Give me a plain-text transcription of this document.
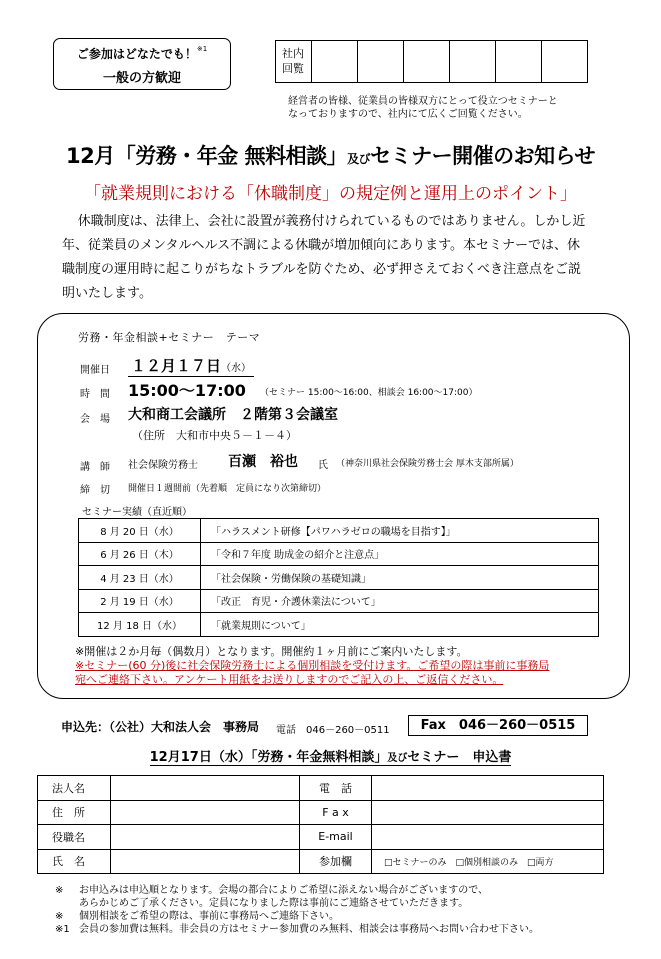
ご参加はどなたでも！$^{※1}$
一般の方歓迎
社内
回覧						
経営者の皆様、従業員の皆様双方にとって役立つセミナーと
なっておりますので、社内にて広くご回覧ください。
12月「労務・年金 無料相談」及びセミナー開催のお知らせ
「就業規則における「休職制度」の規定例と運用上のポイント」
休職制度は、法律上、会社に設置が義務付けられているものではありません。しかし近
年、従業員のメンタルヘルス不調による休職が増加傾向にあります。本セミナーでは、休
職制度の運用時に起こりがちなトラブルを防ぐため、必ず押さえておくべき注意点をご説
明いたします。
労務・年金相談+セミナー　テーマ
開催日 １２月１７日（水）
時　間 15:00～17:00 （セミナー 15:00～16:00、相談会 16:00～17:00）
会　場 大和商工会議所　２階第３会議室
（住所　大和市中央５－１－４）
講　師 社会保険労務士 百瀬　裕也 氏 （神奈川県社会保険労務士会 厚木支部所属）
締　切 開催日１週間前（先着順　定員になり次第締切）
セミナー実績（直近順）
8 月 20 日（水）	「ハラスメント研修【パワハラゼロの職場を目指す】」
6 月 26 日（木）	「令和７年度 助成金の紹介と注意点」
4 月 23 日（水）	「社会保険・労働保険の基礎知識」
2 月 19 日（水）	「改正　育児・介護休業法について」
12 月 18 日（水）	「就業規則について」
※開催は２か月毎（偶数月）となります。開催約１ヶ月前にご案内いたします。
※セミナー(60 分)後に社会保険労務士による個別相談を受付けます。ご希望の際は事前に事務局
宛へご連絡下さい。アンケート用紙をお送りしますのでご記入の上、ご返信ください。
申込先：（公社）大和法人会　事務局 電話　046－260－0511	Fax　046－260－0515
12月17日（水）「労務・年金無料相談」及びセミナー　申込書
法人名		電　話	
住　所		F a x	
役職名		E-mail	
氏　名		参加欄	□セミナーのみ　□個別相談のみ　□両方
※ お申込みは申込順となります。会場の都合によりご希望に添えない場合がございますので、
あらかじめご了承ください。定員になりました際は事前にご連絡させていただきます。
※ 個別相談をご希望の際は、事前に事務局へご連絡下さい。
※1 会員の参加費は無料。非会員の方はセミナー参加費のみ無料、相談会は事務局へお問い合わせ下さい。
